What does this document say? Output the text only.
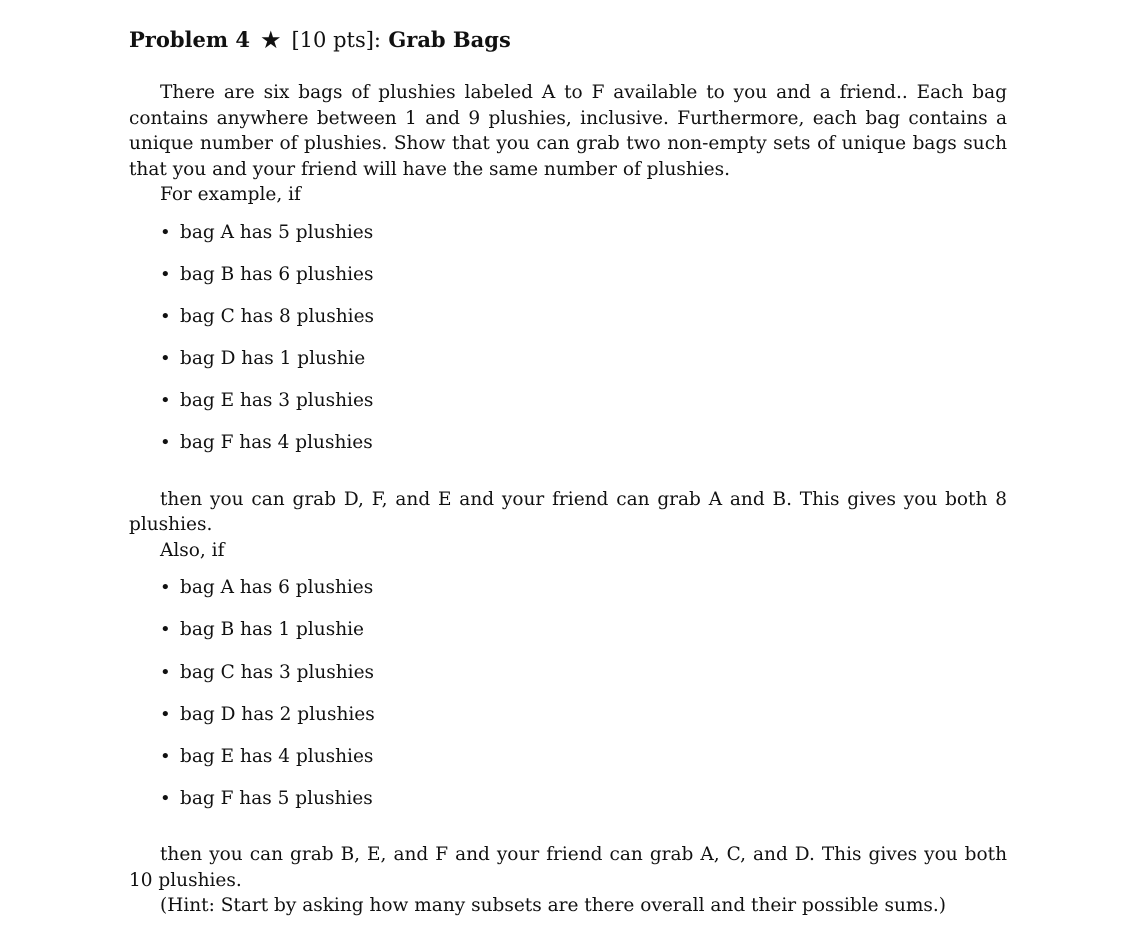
Problem 4 ★ [10 pts]: Grab Bags

There are six bags of plushies labeled A to F available to you and a friend.. Each bag contains anywhere between 1 and 9 plushies, inclusive. Furthermore, each bag contains a unique number of plushies. Show that you can grab two non-empty sets of unique bags such that you and your friend will have the same number of plushies.

For example, if

• bag A has 5 plushies
• bag B has 6 plushies
• bag C has 8 plushies
• bag D has 1 plushie
• bag E has 3 plushies
• bag F has 4 plushies

then you can grab D, F, and E and your friend can grab A and B. This gives you both 8 plushies.

Also, if

• bag A has 6 plushies
• bag B has 1 plushie
• bag C has 3 plushies
• bag D has 2 plushies
• bag E has 4 plushies
• bag F has 5 plushies

then you can grab B, E, and F and your friend can grab A, C, and D. This gives you both 10 plushies.

(Hint: Start by asking how many subsets are there overall and their possible sums.)
